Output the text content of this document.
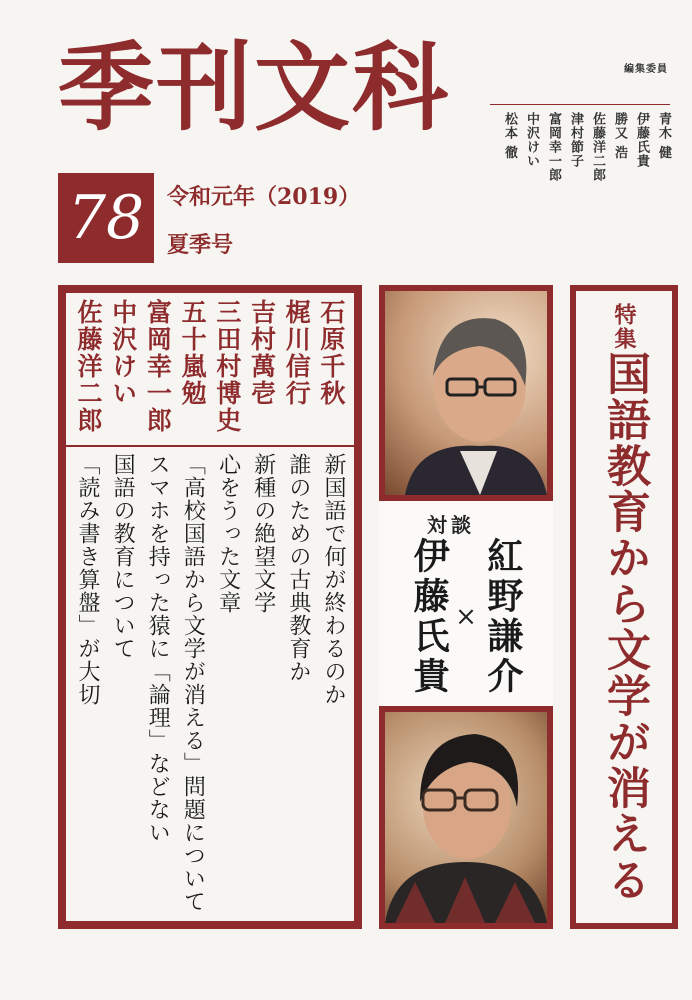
季刊文科	編集委員
青木 健
伊藤氏貴
勝又 浩
佐藤洋二郎
津村節子
富岡幸一郎
中沢けい
松本 徹
78 令和元年（2019）
夏季号
石原千秋
梶川信行
吉村萬壱
三田村博史
五十嵐勉
富岡幸一郎
中沢けい
佐藤洋二郎
新国語で何が終わるのか
誰のための古典教育か
新種の絶望文学
心をうった文章
「高校国語から文学が消える」問題について
スマホを持った猿に「論理」などない
国語の教育について
「読み書き算盤」が大切	対談
紅野謙介
×
伊藤氏貴
特集国語教育から文学が消える
